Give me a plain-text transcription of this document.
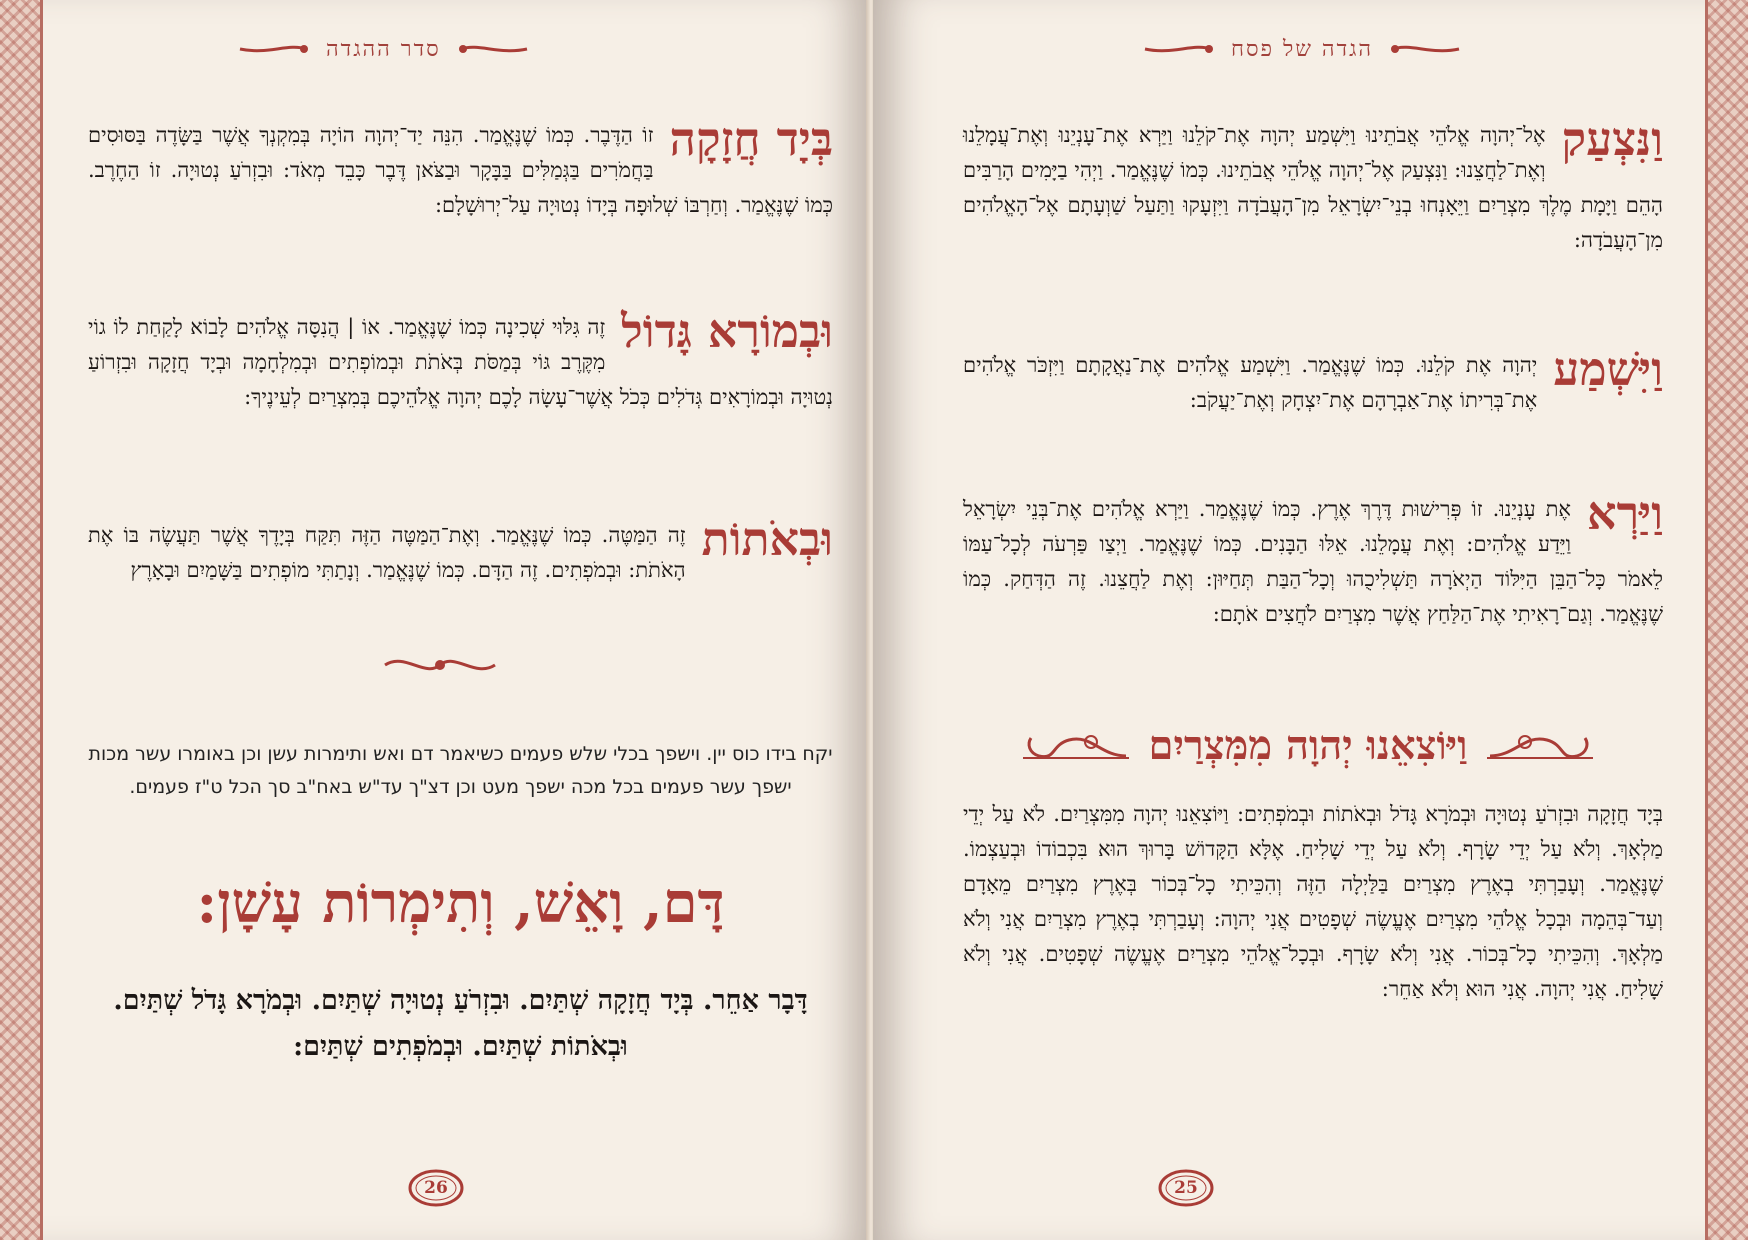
סדר ההגדה
בְּיָד חֲזָקָה
זוֹ הַדֶּבֶר. כְּמוֹ שֶׁנֶּאֱמַר. הִנֵּה יַד־יְהוָה הוֹיָה בְּמִקְנְךָ אֲשֶׁר בַּשָּׂדֶה בַּסּוּסִים בַּחֲמֹרִים בַּגְּמַלִּים בַּבָּקָר וּבַצֹּאן דֶּבֶר כָּבֵד מְאֹד: וּבִזְרֹעַ נְטוּיָה. זוֹ הַחֶרֶב. כְּמוֹ שֶׁנֶּאֱמַר. וְחַרְבּוֹ שְׁלוּפָה בְּיָדוֹ נְטוּיָה עַל־יְרוּשָׁלָם:
וּבְמוֹרָא גָּדוֹל
זֶה גִּלּוּי שְׁכִינָה כְּמוֹ שֶׁנֶּאֱמַר. אוֹ | הֲנִסָּה אֱלֹהִים לָבוֹא לָקַחַת לוֹ גוֹי מִקֶּרֶב גּוֹי בְּמַסֹּת בְּאֹתֹת וּבְמוֹפְתִים וּבְמִלְחָמָה וּבְיָד חֲזָקָה וּבִזְרוֹעַ נְטוּיָה וּבְמוֹרָאִים גְּדֹלִים כְּכֹל אֲשֶׁר־עָשָׂה לָכֶם יְהוָה אֱלֹהֵיכֶם בְּמִצְרַיִם לְעֵינֶיךָ:
וּבְאֹתוֹת
זֶה הַמַּטֶּה. כְּמוֹ שֶׁנֶּאֱמַר. וְאֶת־הַמַּטֶּה הַזֶּה תִּקַּח בְּיָדֶךָ אֲשֶׁר תַּעֲשֶׂה בּוֹ אֶת הָאֹתֹת: וּבְמֹפְתִים. זֶה הַדָּם. כְּמוֹ שֶׁנֶּאֱמַר. וְנָתַתִּי מוֹפְתִים בַּשָּׁמַיִם וּבָאָרֶץ
יקח בידו כוס יין. וישפך בכלי שלש פעמים כשיאמר דם ואש ותימרות עשן וכן באומרו עשר מכות ישפך עשר פעמים בכל מכה ישפך מעט וכן דצ"ך עד"ש באח"ב סך הכל ט"ז פעמים.
דָּם, וָאֵשׁ, וְתִימְרוֹת עָשָׁן:
דָּבָר אַחֵר. בְּיָד חֲזָקָה שְׁתַּיִם. וּבִזְרֹעַ נְטוּיָה שְׁתַּיִם. וּבְמֹרָא גָּדֹל שְׁתַּיִם. וּבְאֹתוֹת שְׁתַּיִם. וּבְמֹפְתִים שְׁתַּיִם:
26
הגדה של פסח
וַנִּצְעַק
אֶל־יְהוָה אֱלֹהֵי אֲבֹתֵינוּ וַיִּשְׁמַע יְהוָה אֶת־קֹלֵנוּ וַיַּרְא אֶת־עָנְיֵנוּ וְאֶת־עֲמָלֵנוּ וְאֶת־לַחֲצֵנוּ: וַנִּצְעַק אֶל־יְהוָה אֱלֹהֵי אֲבֹתֵינוּ. כְּמוֹ שֶׁנֶּאֱמַר. וַיְהִי בַיָּמִים הָרַבִּים הָהֵם וַיָּמָת מֶלֶךְ מִצְרַיִם וַיֵּאָנְחוּ בְנֵי־יִשְׂרָאֵל מִן־הָעֲבֹדָה וַיִּזְעָקוּ וַתַּעַל שַׁוְעָתָם אֶל־הָאֱלֹהִים מִן־הָעֲבֹדָה:
וַיִּשְׁמַע
יְהוָה אֶת קֹלֵנוּ. כְּמוֹ שֶׁנֶּאֱמַר. וַיִּשְׁמַע אֱלֹהִים אֶת־נַאֲקָתָם וַיִּזְכֹּר אֱלֹהִים אֶת־בְּרִיתוֹ אֶת־אַבְרָהָם אֶת־יִצְחָק וְאֶת־יַעֲקֹב:
וַיַּרְא
אֶת עָנְיֵנוּ. זוֹ פְּרִישׁוּת דֶּרֶךְ אֶרֶץ. כְּמוֹ שֶׁנֶּאֱמַר. וַיַּרְא אֱלֹהִים אֶת־בְּנֵי יִשְׂרָאֵל וַיֵּדַע אֱלֹהִים: וְאֶת עֲמָלֵנוּ. אֵלּוּ הַבָּנִים. כְּמוֹ שֶׁנֶּאֱמַר. וַיְצַו פַּרְעֹה לְכָל־עַמּוֹ לֵאמֹר כָּל־הַבֵּן הַיִּלּוֹד הַיְאֹרָה תַּשְׁלִיכֻהוּ וְכָל־הַבַּת תְּחַיּוּן: וְאֶת לַחֲצֵנוּ. זֶה הַדְּחַק. כְּמוֹ שֶׁנֶּאֱמַר. וְגַם־רָאִיתִי אֶת־הַלַּחַץ אֲשֶׁר מִצְרַיִם לֹחֲצִים אֹתָם:
וַיּוֹצִאֵנוּ יְהוָה מִמִּצְרַיִם
בְּיָד חֲזָקָה וּבִזְרֹעַ נְטוּיָה וּבְמֹרָא גָּדֹל וּבְאֹתוֹת וּבְמֹפְתִים: וַיּוֹצִאֵנוּ יְהוָה מִמִּצְרַיִם. לֹא עַל יְדֵי מַלְאָךְ. וְלֹא עַל יְדֵי שָׂרָף. וְלֹא עַל יְדֵי שָׁלִיחַ. אֶלָּא הַקָּדוֹשׁ בָּרוּךְ הוּא בִּכְבוֹדוֹ וּבְעַצְמוֹ. שֶׁנֶּאֱמַר. וְעָבַרְתִּי בְאֶרֶץ מִצְרַיִם בַּלַּיְלָה הַזֶּה וְהִכֵּיתִי כָל־בְּכוֹר בְּאֶרֶץ מִצְרַיִם מֵאָדָם וְעַד־בְּהֵמָה וּבְכָל אֱלֹהֵי מִצְרַיִם אֶעֱשֶׂה שְׁפָטִים אֲנִי יְהוָה: וְעָבַרְתִּי בְאֶרֶץ מִצְרַיִם אֲנִי וְלֹא מַלְאָךְ. וְהִכֵּיתִי כָל־בְּכוֹר. אֲנִי וְלֹא שָׂרָף. וּבְכָל־אֱלֹהֵי מִצְרַיִם אֶעֱשֶׂה שְׁפָטִים. אֲנִי וְלֹא שָׁלִיחַ. אֲנִי יְהוָה. אֲנִי הוּא וְלֹא אַחֵר:
25
